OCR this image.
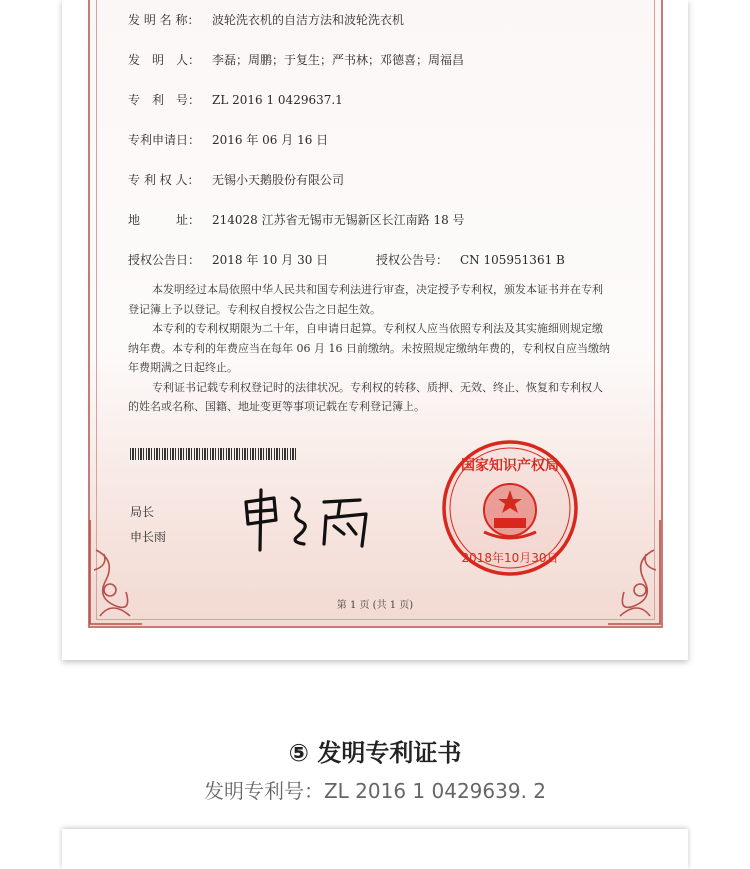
发 明 名 称： 波轮洗衣机的自洁方法和波轮洗衣机
发　明　人： 李磊；周鹏；于复生；严书林；邓德喜；周福昌
专　利　号： ZL 2016 1 0429637.1
专利申请日： 2016 年 06 月 16 日
专 利 权 人： 无锡小天鹅股份有限公司
地　　　址： 214028 江苏省无锡市无锡新区长江南路 18 号
授权公告日： 2018 年 10 月 30 日	授权公告号： CN 105951361 B

本发明经过本局依照中华人民共和国专利法进行审查，决定授予专利权，颁发本证书并在专利登记簿上予以登记。专利权自授权公告之日起生效。

本专利的专利权期限为二十年，自申请日起算。专利权人应当依照专利法及其实施细则规定缴纳年费。本专利的年费应当在每年 06 月 16 日前缴纳。未按照规定缴纳年费的，专利权自应当缴纳年费期满之日起终止。

专利证书记载专利权登记时的法律状况。专利权的转移、质押、无效、终止、恢复和专利权人的姓名或名称、国籍、地址变更等事项记载在专利登记簿上。

局长
申长雨
2018年10月30日
国家知识产权局
第 1 页 (共 1 页)
⑤ 发明专利证书
发明专利号：ZL 2016 1 0429639. 2
